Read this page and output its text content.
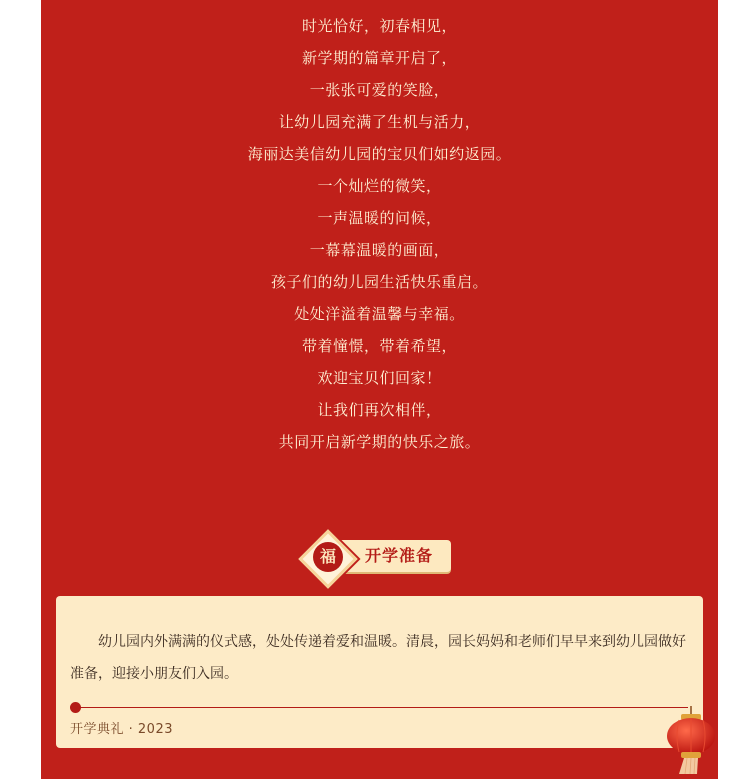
时光恰好，初春相见，
新学期的篇章开启了，
一张张可爱的笑脸，
让幼儿园充满了生机与活力，
海丽达美信幼儿园的宝贝们如约返园。
一个灿烂的微笑，
一声温暖的问候，
一幕幕温暖的画面，
孩子们的幼儿园生活快乐重启。
处处洋溢着温馨与幸福。
带着憧憬，带着希望，
欢迎宝贝们回家！
让我们再次相伴，
共同开启新学期的快乐之旅。
开学准备
福

幼儿园内外满满的仪式感，处处传递着爱和温暖。清晨，园长妈妈和老师们早早来到幼儿园做好准备，迎接小朋友们入园。

开学典礼 · 2023
